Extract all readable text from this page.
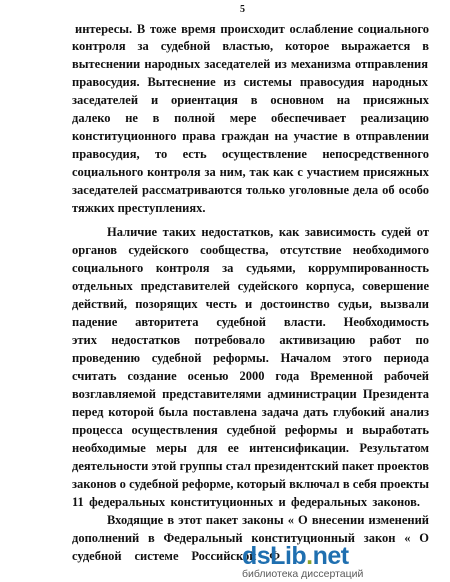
5
интересы. В тоже время происходит ослабление социального
контроля за судебной властью, которое выражается в
вытеснении народных заседателей из механизма отправления
правосудия. Вытеснение из системы правосудия народных
заседателей и ориентация в основном на присяжных
далеко не в полной мере обеспечивает реализацию
конституционного права граждан на участие в отправлении
правосудия, то есть осуществление непосредственного
социального контроля за ним, так как с участием присяжных
заседателей рассматриваются только уголовные дела об особо
тяжких преступлениях.
Наличие таких недостатков, как зависимость судей от
органов судейского сообщества, отсутствие необходимого
социального контроля за судьями, коррумпированность
отдельных представителей судейского корпуса, совершение
действий, позорящих честь и достоинство судьи, вызвали
падение авторитета судебной власти. Необходимость
этих недостатков потребовало активизацию работ по
проведению судебной реформы. Началом этого периода
считать создание осенью 2000 года Временной рабочей
возглавляемой представителями администрации Президента
перед которой была поставлена задача дать глубокий анализ
процесса осуществления судебной реформы и выработать
необходимые меры для ее интенсификации. Результатом
деятельности этой группы стал президентский пакет проектов
законов о судебной реформе, который включал в себя проекты
11 федеральных конституционных и федеральных законов.
Входящие в этот пакет законы « О внесении изменений
дополнений в Федеральный конституционный закон « О
судебной системе Российской Ф
dsLib.net
библиотека диссертаций
